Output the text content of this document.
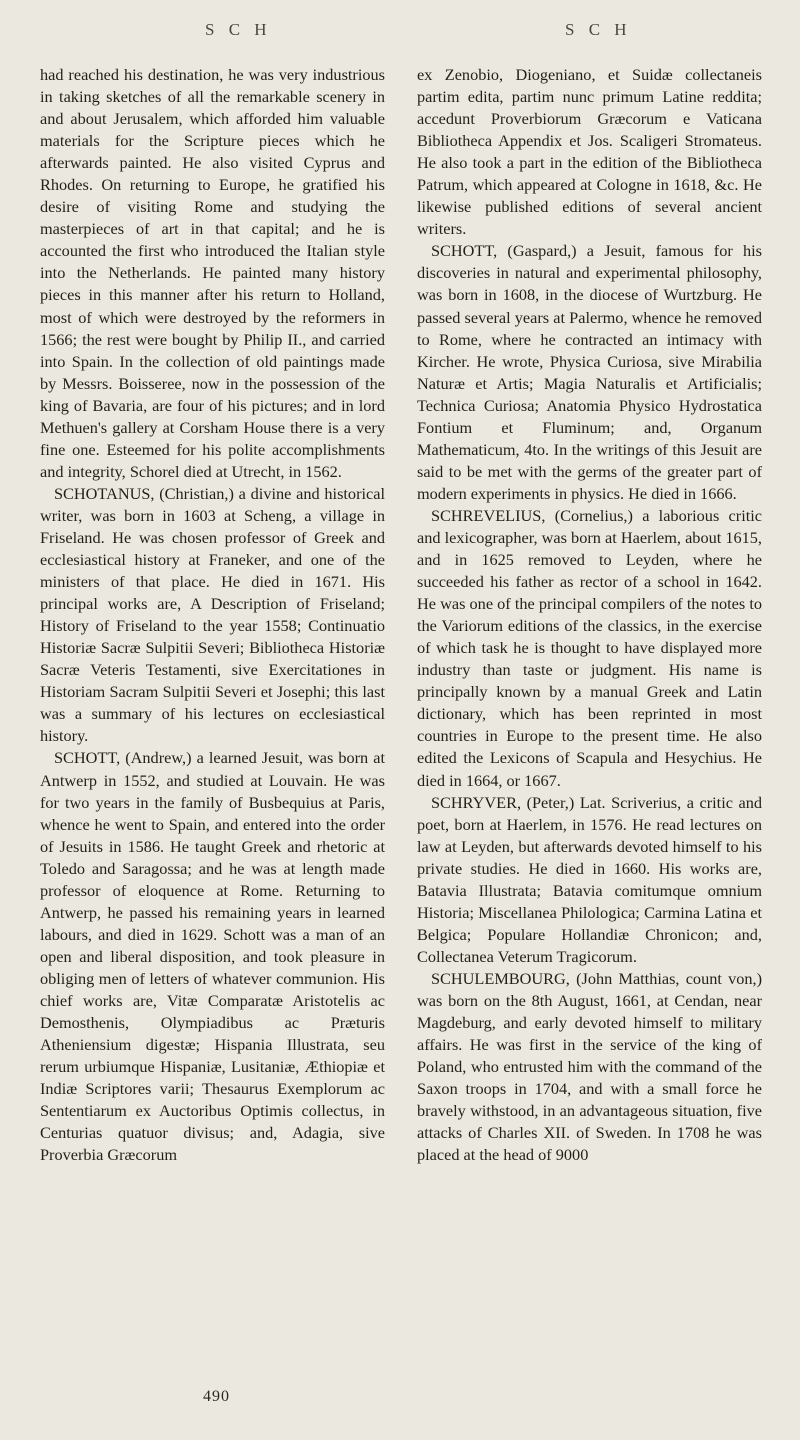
S C H	S C H

had reached his destination, he was very industrious in taking sketches of all the remarkable scenery in and about Jerusalem, which afforded him valuable materials for the Scripture pieces which he afterwards painted. He also visited Cyprus and Rhodes. On returning to Europe, he gratified his desire of visiting Rome and studying the masterpieces of art in that capital; and he is accounted the first who introduced the Italian style into the Netherlands. He painted many history pieces in this manner after his return to Holland, most of which were destroyed by the reformers in 1566; the rest were bought by Philip II., and carried into Spain. In the collection of old paintings made by Messrs. Boisseree, now in the possession of the king of Bavaria, are four of his pictures; and in lord Methuen's gallery at Corsham House there is a very fine one. Esteemed for his polite accomplishments and integrity, Schorel died at Utrecht, in 1562.

SCHOTANUS, (Christian,) a divine and historical writer, was born in 1603 at Scheng, a village in Friseland. He was chosen professor of Greek and ecclesiastical history at Franeker, and one of the ministers of that place. He died in 1671. His principal works are, A Description of Friseland; History of Friseland to the year 1558; Continuatio Historiæ Sacræ Sulpitii Severi; Bibliotheca Historiæ Sacræ Veteris Testamenti, sive Exercitationes in Historiam Sacram Sulpitii Severi et Josephi; this last was a summary of his lectures on ecclesiastical history.

SCHOTT, (Andrew,) a learned Jesuit, was born at Antwerp in 1552, and studied at Louvain. He was for two years in the family of Busbequius at Paris, whence he went to Spain, and entered into the order of Jesuits in 1586. He taught Greek and rhetoric at Toledo and Saragossa; and he was at length made professor of eloquence at Rome. Returning to Antwerp, he passed his remaining years in learned labours, and died in 1629. Schott was a man of an open and liberal disposition, and took pleasure in obliging men of letters of whatever communion. His chief works are, Vitæ Comparatæ Aristotelis ac Demosthenis, Olympiadibus ac Præturis Atheniensium digestæ; Hispania Illustrata, seu rerum urbiumque Hispaniæ, Lusitaniæ, Æthiopiæ et Indiæ Scriptores varii; Thesaurus Exemplorum ac Sententiarum ex Auctoribus Optimis collectus, in Centurias quatuor divisus; and, Adagia, sive Proverbia Græcorum

ex Zenobio, Diogeniano, et Suidæ collectaneis partim edita, partim nunc primum Latine reddita; accedunt Proverbiorum Græcorum e Vaticana Bibliotheca Appendix et Jos. Scaligeri Stromateus. He also took a part in the edition of the Bibliotheca Patrum, which appeared at Cologne in 1618, &c. He likewise published editions of several ancient writers.

SCHOTT, (Gaspard,) a Jesuit, famous for his discoveries in natural and experimental philosophy, was born in 1608, in the diocese of Wurtzburg. He passed several years at Palermo, whence he removed to Rome, where he contracted an intimacy with Kircher. He wrote, Physica Curiosa, sive Mirabilia Naturæ et Artis; Magia Naturalis et Artificialis; Technica Curiosa; Anatomia Physico Hydrostatica Fontium et Fluminum; and, Organum Mathematicum, 4to. In the writings of this Jesuit are said to be met with the germs of the greater part of modern experiments in physics. He died in 1666.

SCHREVELIUS, (Cornelius,) a laborious critic and lexicographer, was born at Haerlem, about 1615, and in 1625 removed to Leyden, where he succeeded his father as rector of a school in 1642. He was one of the principal compilers of the notes to the Variorum editions of the classics, in the exercise of which task he is thought to have displayed more industry than taste or judgment. His name is principally known by a manual Greek and Latin dictionary, which has been reprinted in most countries in Europe to the present time. He also edited the Lexicons of Scapula and Hesychius. He died in 1664, or 1667.

SCHRYVER, (Peter,) Lat. Scriverius, a critic and poet, born at Haerlem, in 1576. He read lectures on law at Leyden, but afterwards devoted himself to his private studies. He died in 1660. His works are, Batavia Illustrata; Batavia comitumque omnium Historia; Miscellanea Philologica; Carmina Latina et Belgica; Populare Hollandiæ Chronicon; and, Collectanea Veterum Tragicorum.

SCHULEMBOURG, (John Matthias, count von,) was born on the 8th August, 1661, at Cendan, near Magdeburg, and early devoted himself to military affairs. He was first in the service of the king of Poland, who entrusted him with the command of the Saxon troops in 1704, and with a small force he bravely withstood, in an advantageous situation, five attacks of Charles XII. of Sweden. In 1708 he was placed at the head of 9000

490
